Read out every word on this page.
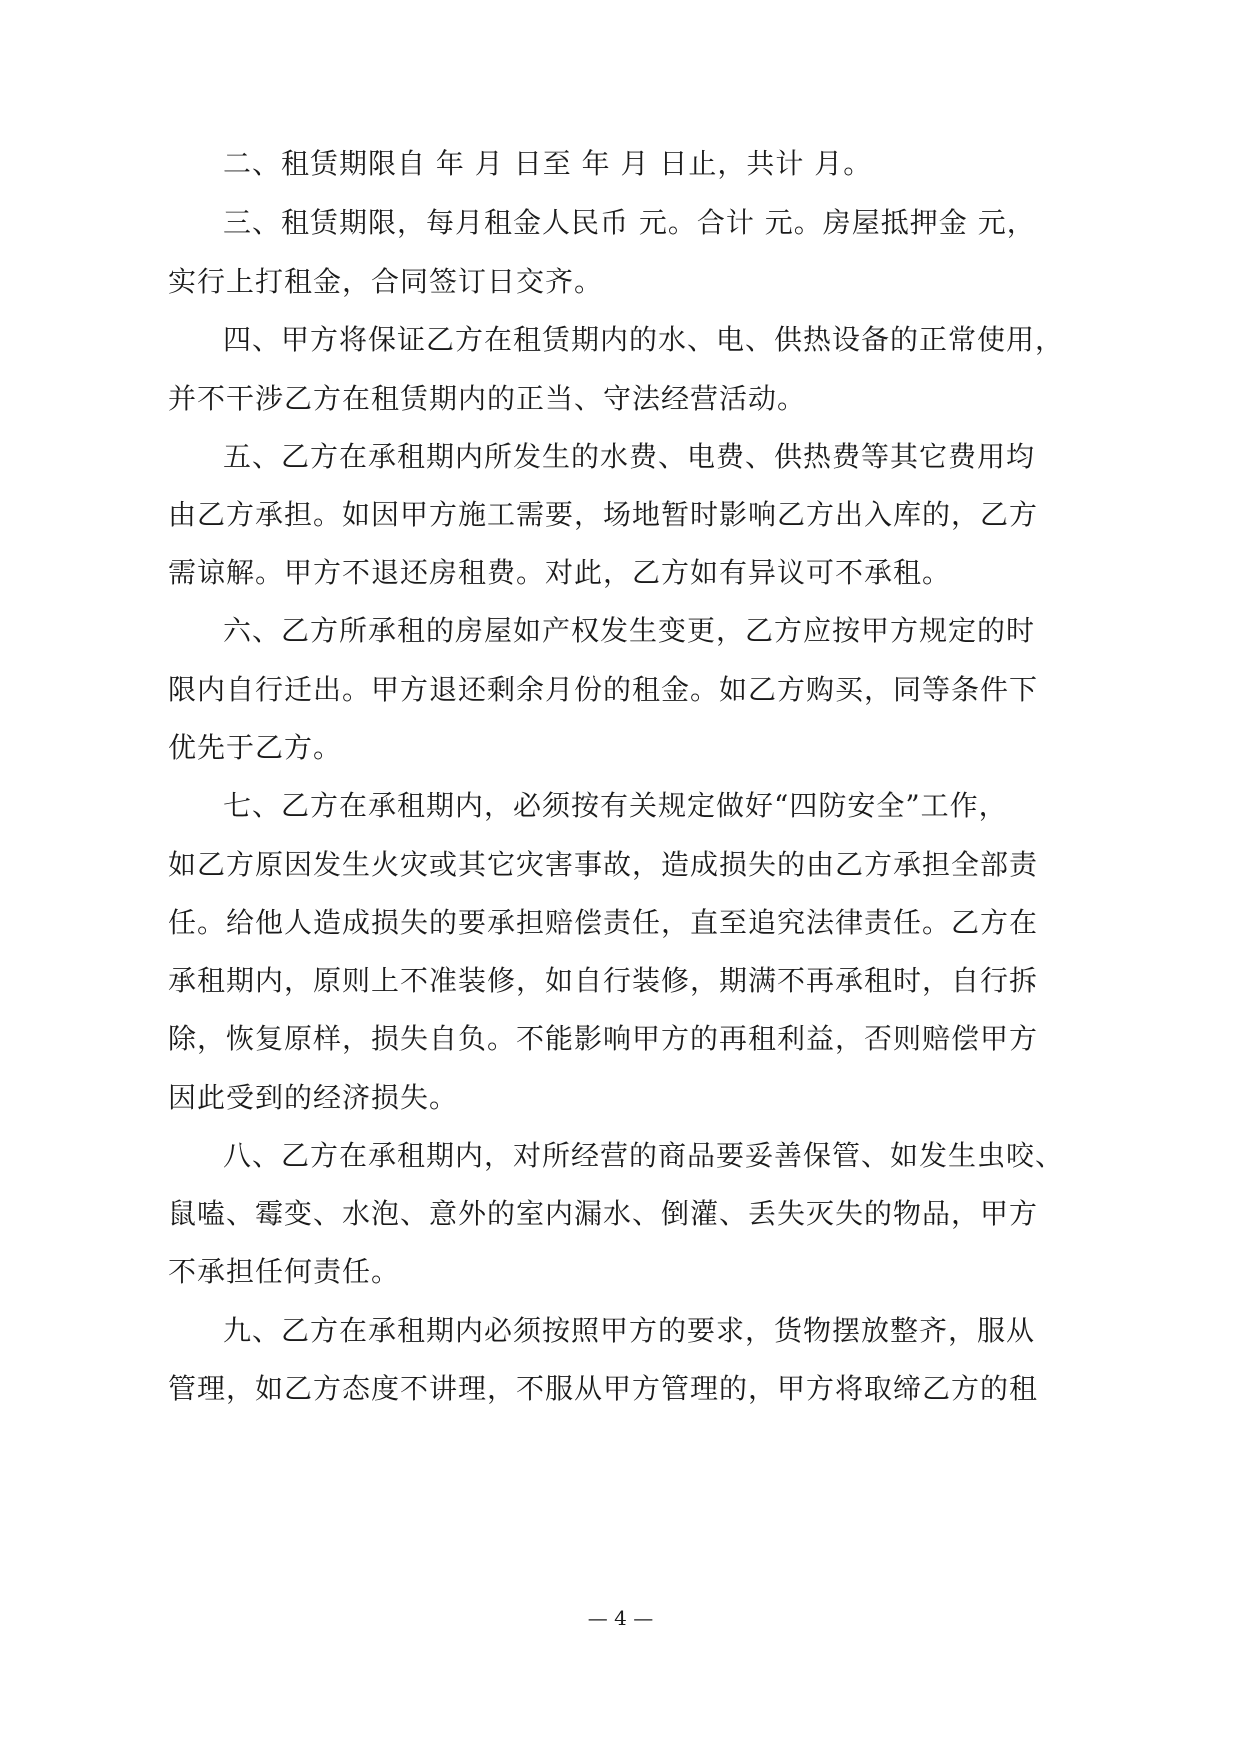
二、租赁期限自 年 月 日至 年 月 日止，共计 月。
三、租赁期限，每月租金人民币 元。合计 元。房屋抵押金 元，
实行上打租金，合同签订日交齐。
四、甲方将保证乙方在租赁期内的水、电、供热设备的正常使用，
并不干涉乙方在租赁期内的正当、守法经营活动。
五、乙方在承租期内所发生的水费、电费、供热费等其它费用均
由乙方承担。如因甲方施工需要，场地暂时影响乙方出入库的，乙方
需谅解。甲方不退还房租费。对此，乙方如有异议可不承租。
六、乙方所承租的房屋如产权发生变更，乙方应按甲方规定的时
限内自行迁出。甲方退还剩余月份的租金。如乙方购买，同等条件下
优先于乙方。
七、乙方在承租期内，必须按有关规定做好“四防安全”工作，
如乙方原因发生火灾或其它灾害事故，造成损失的由乙方承担全部责
任。给他人造成损失的要承担赔偿责任，直至追究法律责任。乙方在
承租期内，原则上不准装修，如自行装修，期满不再承租时，自行拆
除，恢复原样，损失自负。不能影响甲方的再租利益，否则赔偿甲方
因此受到的经济损失。
八、乙方在承租期内，对所经营的商品要妥善保管、如发生虫咬、
鼠嗑、霉变、水泡、意外的室内漏水、倒灌、丢失灭失的物品，甲方
不承担任何责任。
九、乙方在承租期内必须按照甲方的要求，货物摆放整齐，服从
管理，如乙方态度不讲理，不服从甲方管理的，甲方将取缔乙方的租
— 4 —
